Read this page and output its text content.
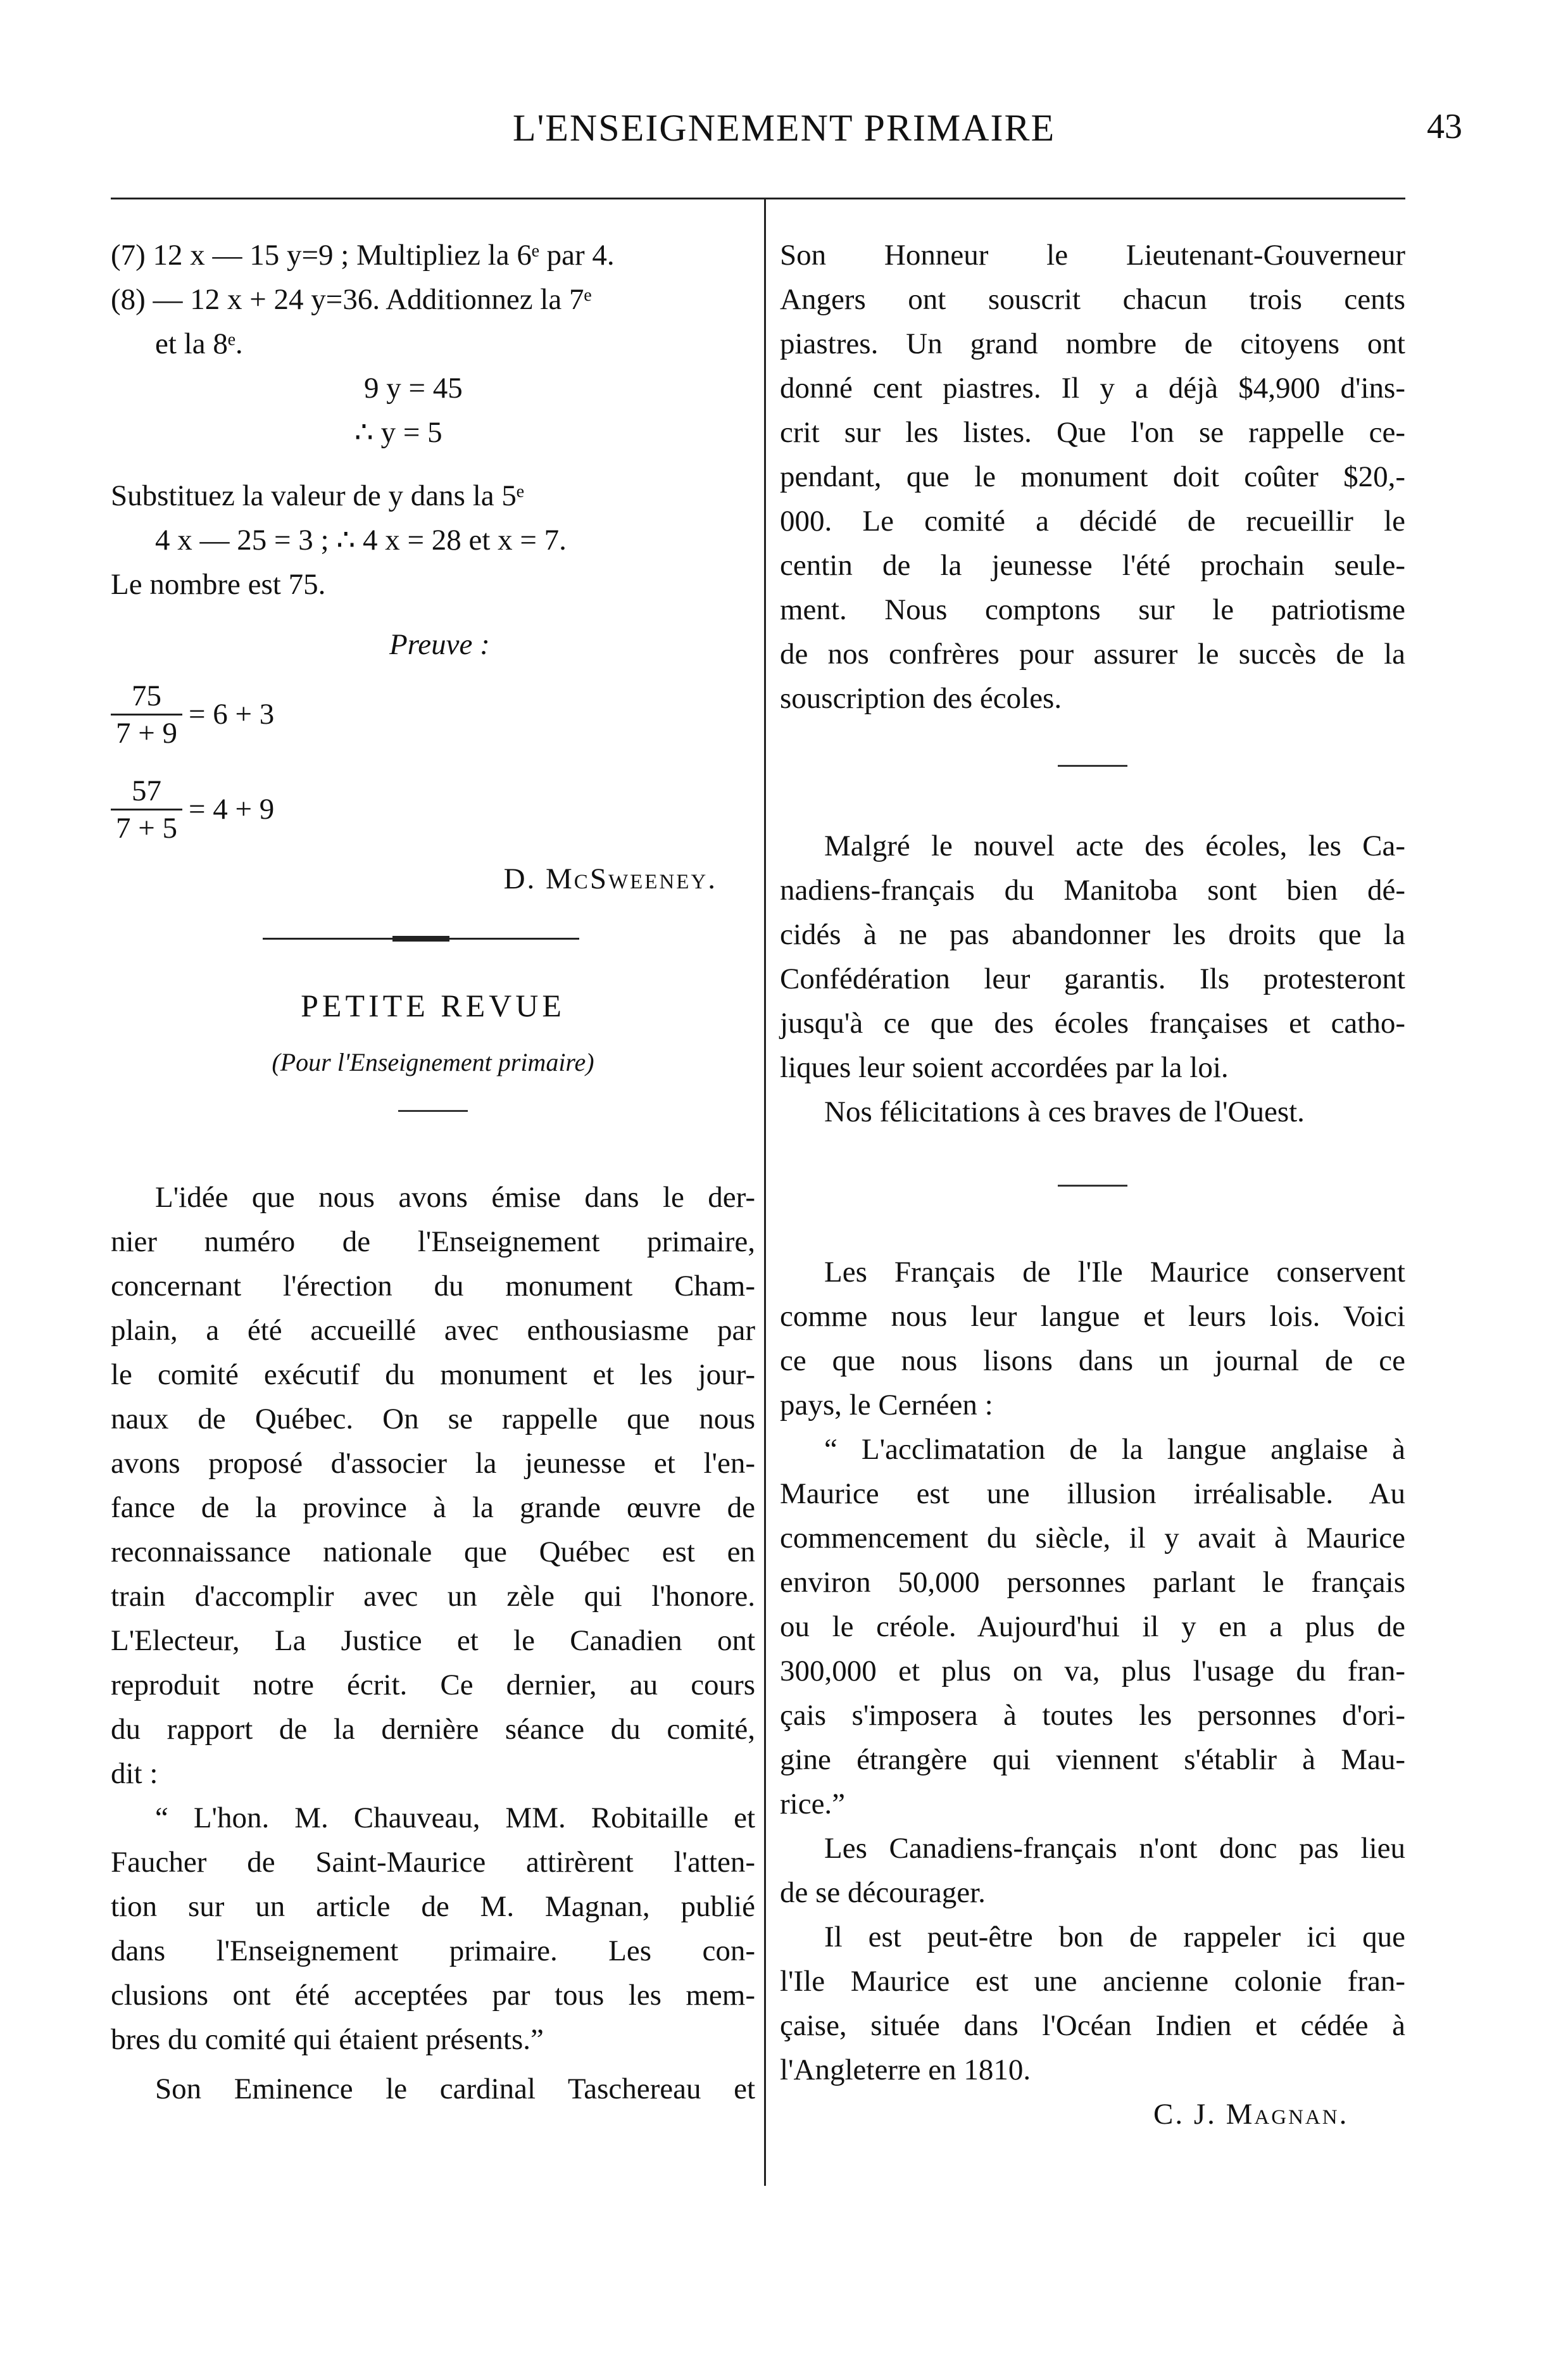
L'ENSEIGNEMENT PRIMAIRE	43
(7) 12 x — 15 y=9 ; Multipliez la 6ᵉ par 4.
(8) — 12 x + 24 y=36. Additionnez la 7ᵉ
et la 8ᵉ.
9 y = 45
∴ y = 5
Substituez la valeur de y dans la 5ᵉ
4 x — 25 = 3 ; ∴ 4 x = 28 et x = 7.
Le nombre est 75.
Preuve :
$\frac{75}{7 + 9} = 6 + 3$
$\frac{57}{7 + 5} = 4 + 9$
D. McSweeney.
PETITE REVUE
(Pour l'Enseignement primaire)
L'idée que nous avons émise dans le der-
nier numéro de l'Enseignement primaire,
concernant l'érection du monument Cham-
plain, a été accueillé avec enthousiasme par
le comité exécutif du monument et les jour-
naux de Québec. On se rappelle que nous
avons proposé d'associer la jeunesse et l'en-
fance de la province à la grande œuvre de
reconnaissance nationale que Québec est en
train d'accomplir avec un zèle qui l'honore.
L'Electeur, La Justice et le Canadien ont
reproduit notre écrit. Ce dernier, au cours
du rapport de la dernière séance du comité,
dit :
“ L'hon. M. Chauveau, MM. Robitaille et
Faucher de Saint-Maurice attirèrent l'atten-
tion sur un article de M. Magnan, publié
dans l'Enseignement primaire. Les con-
clusions ont été acceptées par tous les mem-
bres du comité qui étaient présents.”
Son Eminence le cardinal Taschereau et
Son Honneur le Lieutenant-Gouverneur
Angers ont souscrit chacun trois cents
piastres. Un grand nombre de citoyens ont
donné cent piastres. Il y a déjà $4,900 d'ins-
crit sur les listes. Que l'on se rappelle ce-
pendant, que le monument doit coûter $20,-
000. Le comité a décidé de recueillir le
centin de la jeunesse l'été prochain seule-
ment. Nous comptons sur le patriotisme
de nos confrères pour assurer le succès de la
souscription des écoles.
Malgré le nouvel acte des écoles, les Ca-
nadiens-français du Manitoba sont bien dé-
cidés à ne pas abandonner les droits que la
Confédération leur garantis. Ils protesteront
jusqu'à ce que des écoles françaises et catho-
liques leur soient accordées par la loi.
Nos félicitations à ces braves de l'Ouest.
Les Français de l'Ile Maurice conservent
comme nous leur langue et leurs lois. Voici
ce que nous lisons dans un journal de ce
pays, le Cernéen :
“ L'acclimatation de la langue anglaise à
Maurice est une illusion irréalisable. Au
commencement du siècle, il y avait à Maurice
environ 50,000 personnes parlant le français
ou le créole. Aujourd'hui il y en a plus de
300,000 et plus on va, plus l'usage du fran-
çais s'imposera à toutes les personnes d'ori-
gine étrangère qui viennent s'établir à Mau-
rice.”
Les Canadiens-français n'ont donc pas lieu
de se décourager.
Il est peut-être bon de rappeler ici que
l'Ile Maurice est une ancienne colonie fran-
çaise, située dans l'Océan Indien et cédée à
l'Angleterre en 1810.
C. J. Magnan.
